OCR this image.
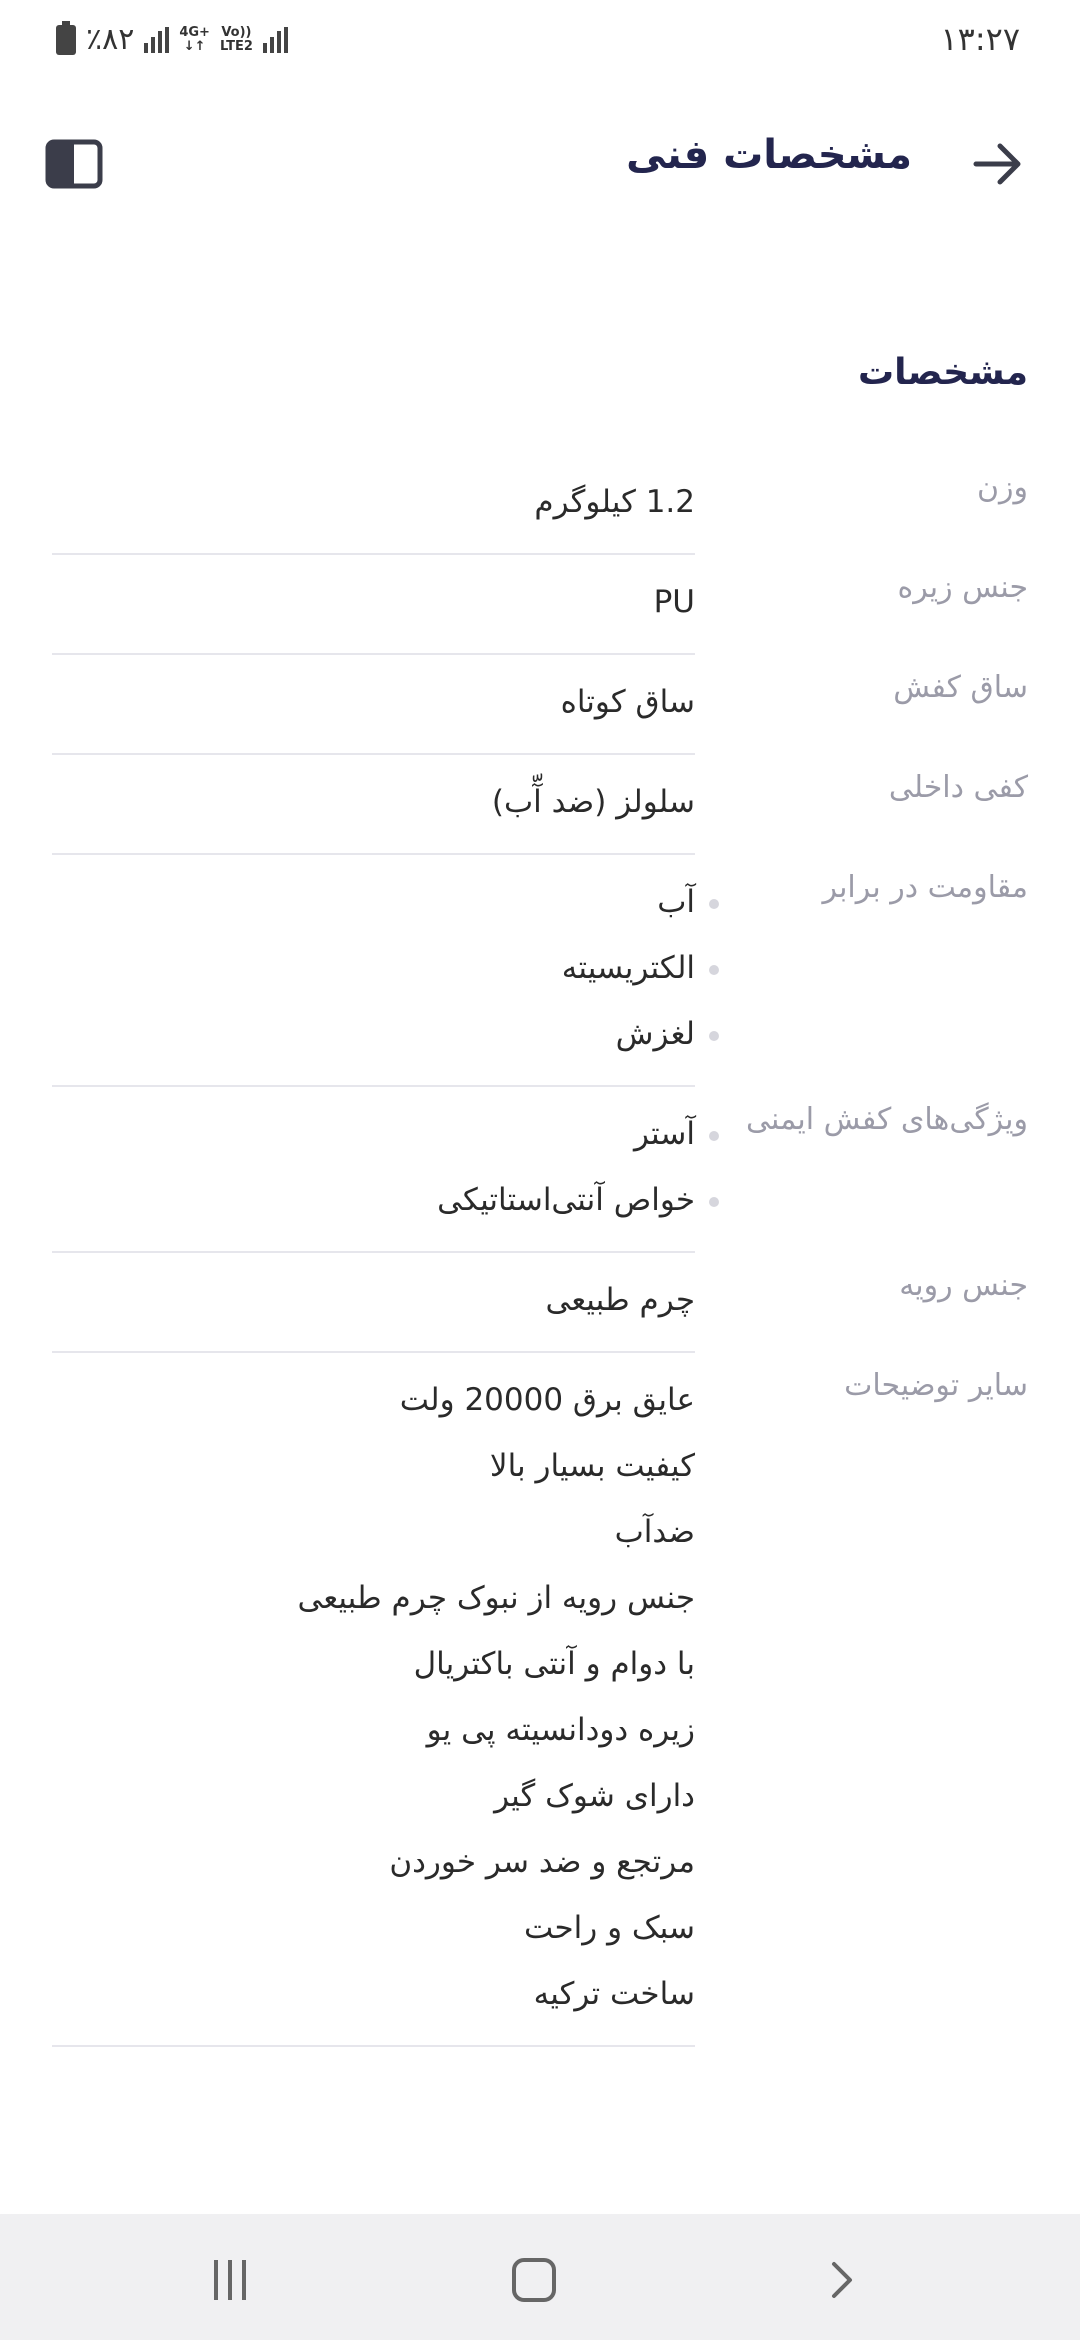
٪۸۲	4G+
↓↑
Vo))
LTE2	۱۳:۲۷
مشخصات فنی
مشخصات
وزن
1.2 کیلوگرم
جنس زیره
PU
ساق کفش
ساق کوتاه
کفی داخلی
سلولز (ضد آّب)
مقاومت در برابر
آب
الکتریسیته
لغزش
ویژگی‌های کفش ایمنی
آستر
خواص آنتی‌استاتیکی
جنس رویه
چرم طبیعی
سایر توضیحات
عایق برق 20000 ولت
کیفیت بسیار بالا
ضدآب
جنس رویه از نبوک چرم طبیعی
با دوام و آنتی باکتریال
زیره دودانسیته پی یو
دارای شوک گیر
مرتجع و ضد سر خوردن
سبک و راحت
ساخت ترکیه
